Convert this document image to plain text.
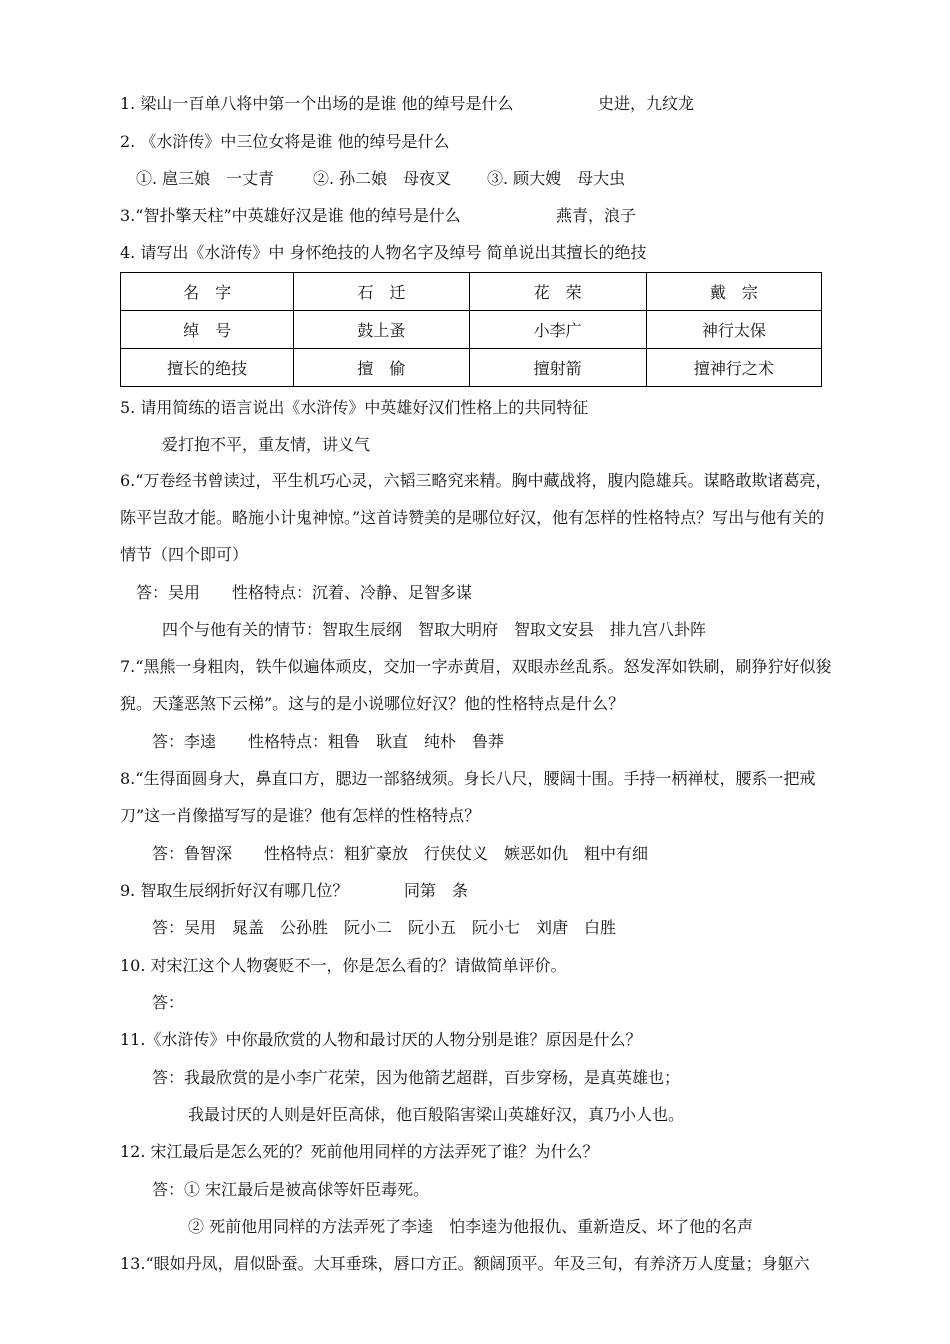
1. 梁山一百单八将中第一个出场的是谁 他的绰号是什么	史进，九纹龙
2. 《水浒传》中三位女将是谁 他的绰号是什么
①. 扈三娘　一丈青 ②. 孙二娘　母夜叉 ③. 顾大嫂　母大虫
3.“智扑擎天柱”中英雄好汉是谁 他的绰号是什么	燕青，浪子
4. 请写出《水浒传》中 身怀绝技的人物名字及绰号 简单说出其擅长的绝技
名　字	石　迁	花　荣	戴　宗
绰　号	鼓上蚤	小李广	神行太保
擅长的绝技	擅　偷	擅射箭	擅神行之术
5. 请用简练的语言说出《水浒传》中英雄好汉们性格上的共同特征
爱打抱不平，重友情，讲义气
6.“万卷经书曾读过，平生机巧心灵，六韬三略究来精。胸中藏战将，腹内隐雄兵。谋略敢欺诸葛亮，陈平岂敌才能。略施小计鬼神惊。”这首诗赞美的是哪位好汉，他有怎样的性格特点？写出与他有关的情节（四个即可）
答：吴用　　性格特点：沉着、冷静、足智多谋
四个与他有关的情节：智取生辰纲　智取大明府　智取文安县　排九宫八卦阵
7.“黑熊一身粗肉，铁牛似遍体顽皮，交加一字赤黄眉，双眼赤丝乱系。怒发浑如铁刷，刷狰狞好似狻猊。天蓬恶煞下云梯”。这与的是小说哪位好汉？他的性格特点是什么？
答：李逵　　性格特点：粗鲁　耿直　纯朴　鲁莽
8.“生得面圆身大，鼻直口方，腮边一部貉绒须。身长八尺，腰阔十围。手持一柄禅杖，腰系一把戒刀”这一肖像描写写的是谁？他有怎样的性格特点？
答：鲁智深　　性格特点：粗犷豪放　行侠仗义　嫉恶如仇　粗中有细
9. 智取生辰纲折好汉有哪几位？	同第　条
答：吴用　晁盖　公孙胜　阮小二　阮小五　阮小七　刘唐　白胜
10. 对宋江这个人物褒贬不一，你是怎么看的？请做简单评价。
答：
11.《水浒传》中你最欣赏的人物和最讨厌的人物分别是谁？原因是什么？
答：我最欣赏的是小李广花荣，因为他箭艺超群，百步穿杨，是真英雄也；
我最讨厌的人则是奸臣高俅，他百般陷害梁山英雄好汉，真乃小人也。
12. 宋江最后是怎么死的？死前他用同样的方法弄死了谁？为什么？
答：① 宋江最后是被高俅等奸臣毒死。
② 死前他用同样的方法弄死了李逵　怕李逵为他报仇、重新造反、坏了他的名声
13.“眼如丹凤，眉似卧蚕。大耳垂珠，唇口方正。额阔顶平。年及三旬，有养济万人度量；身躯六
